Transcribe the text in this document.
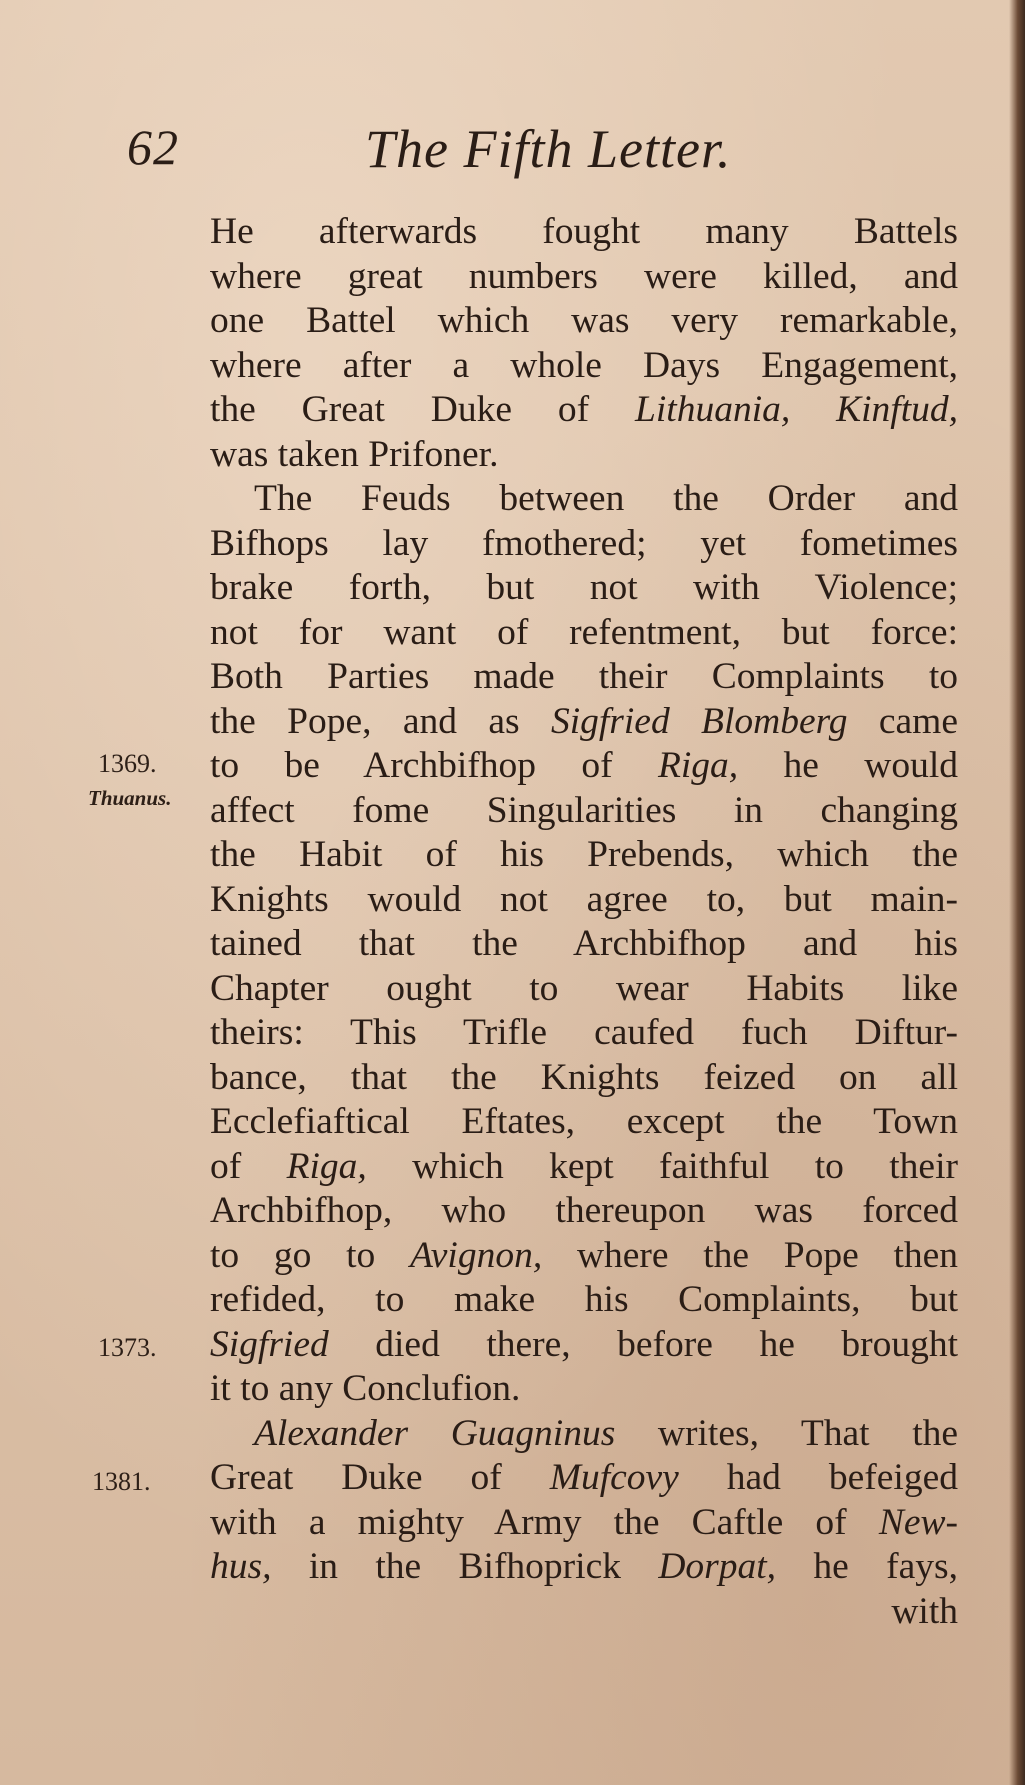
62	The Fifth Letter.
1369.
Thuanus.
1373.
1381.
He afterwards fought many Battels
where great numbers were killed, and
one Battel which was very remarkable,
where after a whole Days Engagement,
the Great Duke of Lithuania, Kinftud,
was taken Prifoner.
The Feuds between the Order and
Bifhops lay fmothered; yet fometimes
brake forth, but not with Violence;
not for want of refentment, but force:
Both Parties made their Complaints to
the Pope, and as Sigfried Blomberg came
to be Archbifhop of Riga, he would
affect fome Singularities in changing
the Habit of his Prebends, which the
Knights would not agree to, but main-
tained that the Archbifhop and his
Chapter ought to wear Habits like
theirs: This Trifle caufed fuch Diftur-
bance, that the Knights feized on all
Ecclefiaftical Eftates, except the Town
of Riga, which kept faithful to their
Archbifhop, who thereupon was forced
to go to Avignon, where the Pope then
refided, to make his Complaints, but
Sigfried died there, before he brought
it to any Conclufion.
Alexander Guagninus writes, That the
Great Duke of Mufcovy had befeiged
with a mighty Army the Caftle of New-
hus, in the Bifhoprick Dorpat, he fays,
with
